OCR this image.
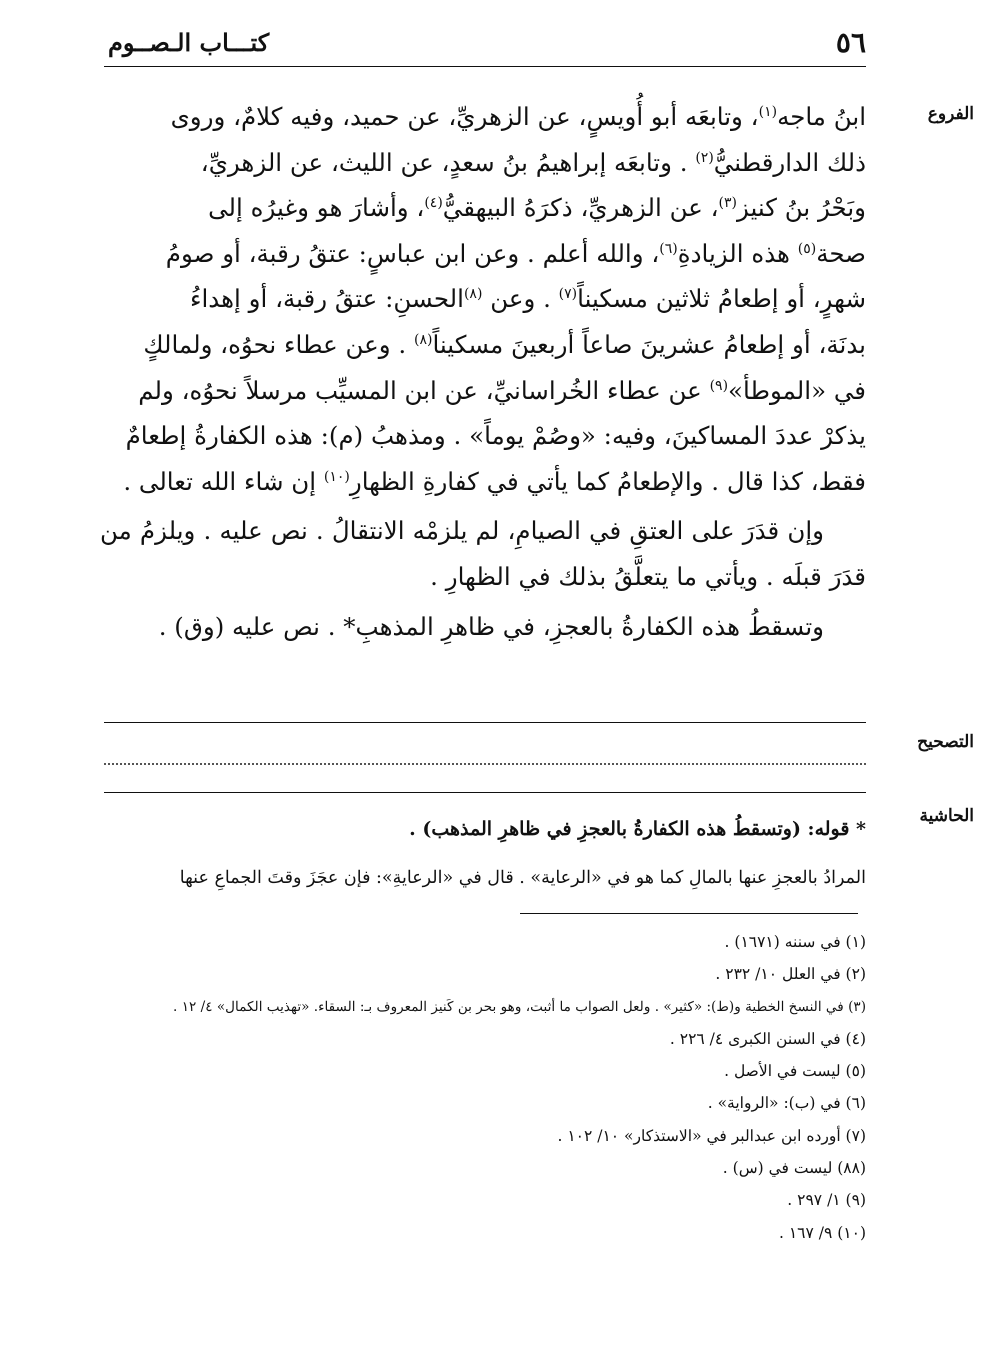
٥٦
كتـــاب الـصــوم
الفروع

ابنُ ماجه$^{(١)}$، وتابعَه أبو أُويسٍ، عن الزهريِّ، عن حميد، وفيه كلامٌ، وروى

ذلك الدارقطنيُّ$^{(٢)}$ . وتابعَه إبراهيمُ بنُ سعدٍ، عن الليث، عن الزهريِّ،

وبَحْرُ بنُ كنيز$^{(٣)}$، عن الزهريِّ، ذكرَهُ البيهقيُّ$^{(٤)}$، وأشارَ هو وغيرُه إلى

صحة$^{(٥)}$ هذه الزيادةِ$^{(٦)}$، والله أعلم . وعن ابن عباسٍ: عتقُ رقبة، أو صومُ

شهرٍ، أو إطعامُ ثلاثين مسكيناً$^{(٧)}$ . وعن $^{(٨)}$الحسنِ: عتقُ رقبة، أو إهداءُ

بدنَة، أو إطعامُ عشرينَ صاعاً أربعينَ مسكيناً$^{(٨)}$ . وعن عطاء نحوُه، ولمالكٍ

في «الموطأ»$^{(٩)}$ عن عطاء الخُراسانيِّ، عن ابن المسيِّب مرسلاً نحوُه، ولم

يذكرْ عددَ المساكينَ، وفيه: «وصُمْ يوماً» . ومذهبُ (م): هذه الكفارةُ إطعامٌ

فقط، كذا قال . والإطعامُ كما يأتي في كفارةِ الظهارِ$^{(١٠)}$ إن شاء الله تعالى .

وإن قدَرَ على العتقِ في الصيامِ، لم يلزمْه الانتقالُ . نص عليه . ويلزمُ من قدَرَ قبلَه . ويأتي ما يتعلَّقُ بذلك في الظهارِ .

وتسقطُ هذه الكفارةُ بالعجزِ، في ظاهرِ المذهبِ* . نص عليه (وق) .

التصحيح
الحاشية
* قوله: (وتسقطُ هذه الكفارةُ بالعجزِ في ظاهرِ المذهب) .
المرادُ بالعجزِ عنها بالمالِ كما هو في «الرعاية» . قال في «الرعايةِ»: فإن عجَزَ وقتَ الجماعِ عنها
(١) في سننه (١٦٧١) .
(٢) في العلل ١٠/ ٢٣٢ .
(٣) في النسخ الخطية و(ط): «كثير» . ولعل الصواب ما أثبت، وهو بحر بن كَنيز المعروف بـ: السقاء. «تهذيب الكمال» ٤/ ١٢ .
(٤) في السنن الكبرى ٤/ ٢٢٦ .
(٥) ليست في الأصل .
(٦) في (ب): «الرواية» .
(٧) أورده ابن عبدالبر في «الاستذكار» ١٠/ ١٠٢ .
(٨٨) ليست في (س) .
(٩) ١/ ٢٩٧ .
(١٠) ٩/ ١٦٧ .
